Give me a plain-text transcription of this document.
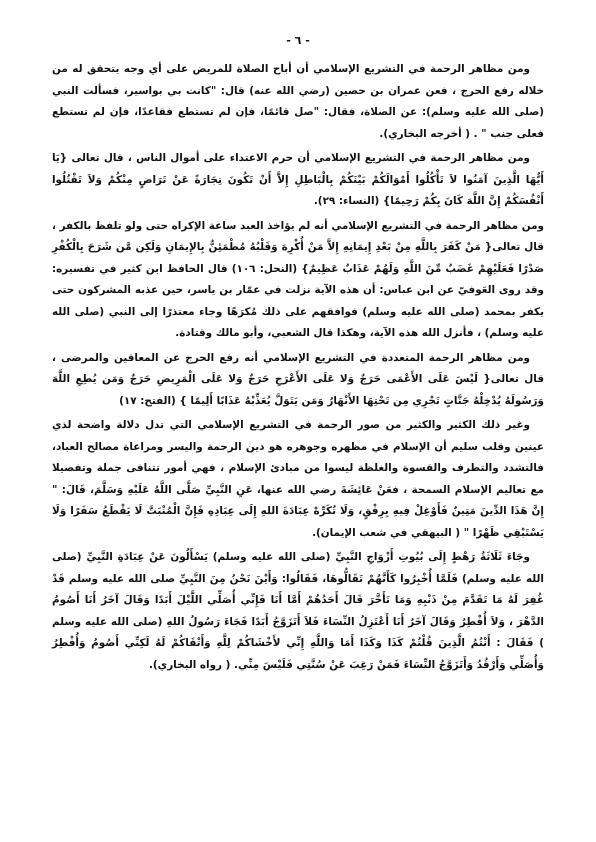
- ٦ -

ومن مظاهر الرحمة في التشريع الإسلامي أن أباح الصلاة للمريض على أي وجه يتحقق له من خلاله رفع الحرج ، فعن عمران بن حصين (رضي الله عنه) قال: "كانت بي بواسير، فسألت النبي (صلى الله عليه وسلم): عن الصلاة، فقال: "صل قائمًا، فإن لم تستطع فقاعدًا، فإن لم تستطع فعلى جنب " . ( أخرجه البخاري).

ومن مظاهر الرحمة في التشريع الإسلامي أن حرم الاعتداء على أموال الناس ، قال تعالى {يَا أَيُّهَا الَّذِينَ آمَنُوا لاَ تَأْكُلُوا أَمْوَالَكُمْ بَيْنَكُمْ بِالْبَاطِلِ إِلاَّ أَنْ تَكُونَ تِجَارَةً عَنْ تَرَاضٍ مِنْكُمْ وَلاَ تَقْتُلُوا أَنْفُسَكُمْ إِنَّ اللَّهَ كَانَ بِكُمْ رَحِيمًا} (النساء: ٢٩).

ومن مظاهر الرحمة في التشريع الإسلامي أنه لم يؤاخذ العبد ساعة الإكراه حتى ولو تلفظ بالكفر ، قال تعالى{ مَنْ كَفَرَ بِاللَّهِ مِنْ بَعْدِ إِيمَانِهِ إِلاَّ مَنْ أُكْرِهَ وَقَلْبُهُ مُطْمَئِنٌّ بِالإِيمَانِ وَلَكِن مَّن شَرَحَ بِالْكُفْرِ صَدْرًا فَعَلَيْهِمْ غَضَبٌ مِّنَ اللَّهِ وَلَهُمْ عَذَابٌ عَظِيمٌ} (النحل: ١٠٦) قال الحافظ ابن كثير في تفسيره: وقد روى العَوفيّ عن ابن عباس: أن هذه الآية نزلت في عمّار بن ياسر، حين عذبه المشركون حتى يكفر بمحمد (صلى الله عليه وسلم) فوافقهم على ذلك مُكرَهًا وجاء معتذرًا إلى النبي (صلى الله عليه وسلم) ، فأنزل الله هذه الآية، وهكذا قال الشعبي، وأبو مالك وقتادة.

ومن مظاهر الرحمة المتعددة في التشريع الإسلامي أنه رفع الحرج عن المعاقين والمرضى ، قال تعالى{ لَيْسَ عَلَى الأَعْمَى حَرَجٌ وَلا عَلَى الأَعْرَجِ حَرَجٌ وَلا عَلَى الْمَرِيضِ حَرَجٌ وَمَن يُطِعِ اللَّهَ وَرَسُولَهُ يُدْخِلْهُ جَنَّاتٍ تَجْرِي مِن تَحْتِهَا الأَنْهَارُ وَمَن يَتَوَلَّ يُعَذِّبْهُ عَذَابًا أَلِيمًا } (الفتح: ١٧)

وغير ذلك الكثير والكثير من صور الرحمة في التشريع الإسلامي التي تدل دلالة واضحة لذي عينين وقلب سليم أن الإسلام في مظهره وجوهره هو دين الرحمة واليسر ومراعاة مصالح العباد، فالتشدد والتطرف والقسوة والغلظة ليسوا من مبادئ الإسلام ، فهي أمور تتنافى جملة وتفصيلا مع تعاليم الإسلام السمحة ، فعَنْ عَائِشَةَ رضي الله عنها، عَنِ النَّبِيِّ صَلَّى اللَّهُ عَلَيْهِ وَسَلَّمَ، قَالَ: " إِنَّ هَذَا الدِّينَ مَتِينٌ فَأَوْغِلْ فِيهِ بِرِفْقٍ، وَلَا تُكَرِّهْ عِبَادَةَ اللهِ إِلَى عِبَادِهِ فَإِنَّ الْمُنْبَتَّ لَا يَقْطَعُ سَفَرًا وَلَا يَسْتَبْقِي ظَهْرًا " ( البيهقي في شعب الإيمان).

وجَاءَ ثَلَاثَةُ رَهْطٍ إِلَى بُيُوتِ أَزْوَاجِ النَّبِيِّ (صلى الله عليه وسلم) يَسْأَلُونَ عَنْ عِبَادَةِ النَّبِيِّ (صلى الله عليه وسلم) فَلَمَّا أُخْبِرُوا كَأَنَّهُمْ تَقَالُّوهَا، فَقَالُوا: وَأَيْنَ نَحْنُ مِنَ النَّبِيِّ صلى الله عليه وسلم قَدْ غُفِرَ لَهُ مَا تَقَدَّمَ مِنْ ذَنْبِهِ وَمَا تَأَخَّرَ قَالَ أَحَدُهُمْ أَمَّا أَنَا فَإِنِّي أُصَلِّي اللَّيْلَ أَبَدًا وَقَالَ آخَرُ أَنَا أَصُومُ الدَّهْرَ ، وَلاَ أُفْطِرُ وَقَالَ آخَرُ أَنَا أَعْتَزِلُ النِّسَاءَ فَلاَ أَتَزَوَّجُ أَبَدًا فَجَاءَ رَسُولُ اللهِ (صلى الله عليه وسلم ) فَقَالَ : أَنْتُمُ الَّذِينَ قُلْتُمْ كَذَا وَكَذَا أَمَا وَاللَّهِ إِنِّي لأَخْشَاكُمْ لِلَّهِ وَأَتْقَاكُمْ لَهُ لَكِنِّي أَصُومُ وَأُفْطِرُ وَأُصَلِّي وَأَرْقُدُ وَأَتَزَوَّجُ النِّسَاءَ فَمَنْ رَغِبَ عَنْ سُنَّتِي فَلَيْسَ مِنِّي. ( رواه البخاري).
